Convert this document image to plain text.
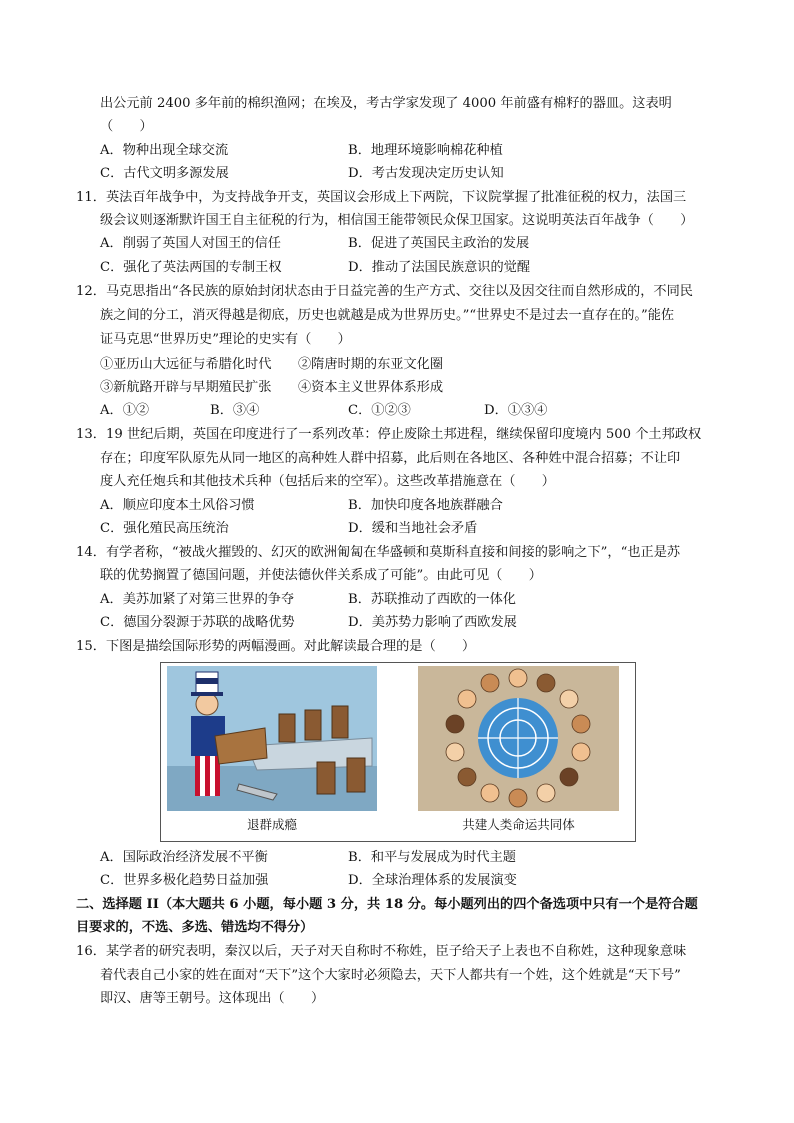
出公元前 2400 多年前的棉织渔网；在埃及，考古学家发现了 4000 年前盛有棉籽的器皿。这表明
（　　）
A．物种出现全球交流	B．地理环境影响棉花种植
C．古代文明多源发展	D．考古发现决定历史认知
11．英法百年战争中，为支持战争开支，英国议会形成上下两院，下议院掌握了批准征税的权力，法国三
级会议则逐渐默许国王自主征税的行为，相信国王能带领民众保卫国家。这说明英法百年战争（　　）
A．削弱了英国人对国王的信任	B．促进了英国民主政治的发展
C．强化了英法两国的专制王权	D．推动了法国民族意识的觉醒
12．马克思指出“各民族的原始封闭状态由于日益完善的生产方式、交往以及因交往而自然形成的，不同民
族之间的分工，消灭得越是彻底，历史也就越是成为世界历史。”“世界史不是过去一直存在的。”能佐
证马克思“世界历史”理论的史实有（　　）
①亚历山大远征与希腊化时代 ②隋唐时期的东亚文化圈
③新航路开辟与早期殖民扩张 ④资本主义世界体系形成
A．①②	B．③④	C．①②③	D．①③④
13．19 世纪后期，英国在印度进行了一系列改革：停止废除土邦进程，继续保留印度境内 500 个土邦政权
存在；印度军队原先从同一地区的高种姓人群中招募，此后则在各地区、各种姓中混合招募；不让印
度人充任炮兵和其他技术兵种（包括后来的空军）。这些改革措施意在（　　）
A．顺应印度本土风俗习惯	B．加快印度各地族群融合
C．强化殖民高压统治	D．缓和当地社会矛盾
14．有学者称，“被战火摧毁的、幻灭的欧洲匍匐在华盛顿和莫斯科直接和间接的影响之下”，“也正是苏
联的优势搁置了德国问题，并使法德伙伴关系成了可能”。由此可见（　　）
A．美苏加紧了对第三世界的争夺	B．苏联推动了西欧的一体化
C．德国分裂源于苏联的战略优势	D．美苏势力影响了西欧发展
15．下图是描绘国际形势的两幅漫画。对此解读最合理的是（　　）
退群成瘾	共建人类命运共同体
A．国际政治经济发展不平衡	B．和平与发展成为时代主题
C．世界多极化趋势日益加强	D．全球治理体系的发展演变
二、选择题 II（本大题共 6 小题，每小题 3 分，共 18 分。每小题列出的四个备选项中只有一个是符合题
目要求的，不选、多选、错选均不得分）
16．某学者的研究表明，秦汉以后，天子对天自称时不称姓，臣子给天子上表也不自称姓，这种现象意味
着代表自己小家的姓在面对“天下”这个大家时必须隐去，天下人都共有一个姓，这个姓就是“天下号”
即汉、唐等王朝号。这体现出（　　）
